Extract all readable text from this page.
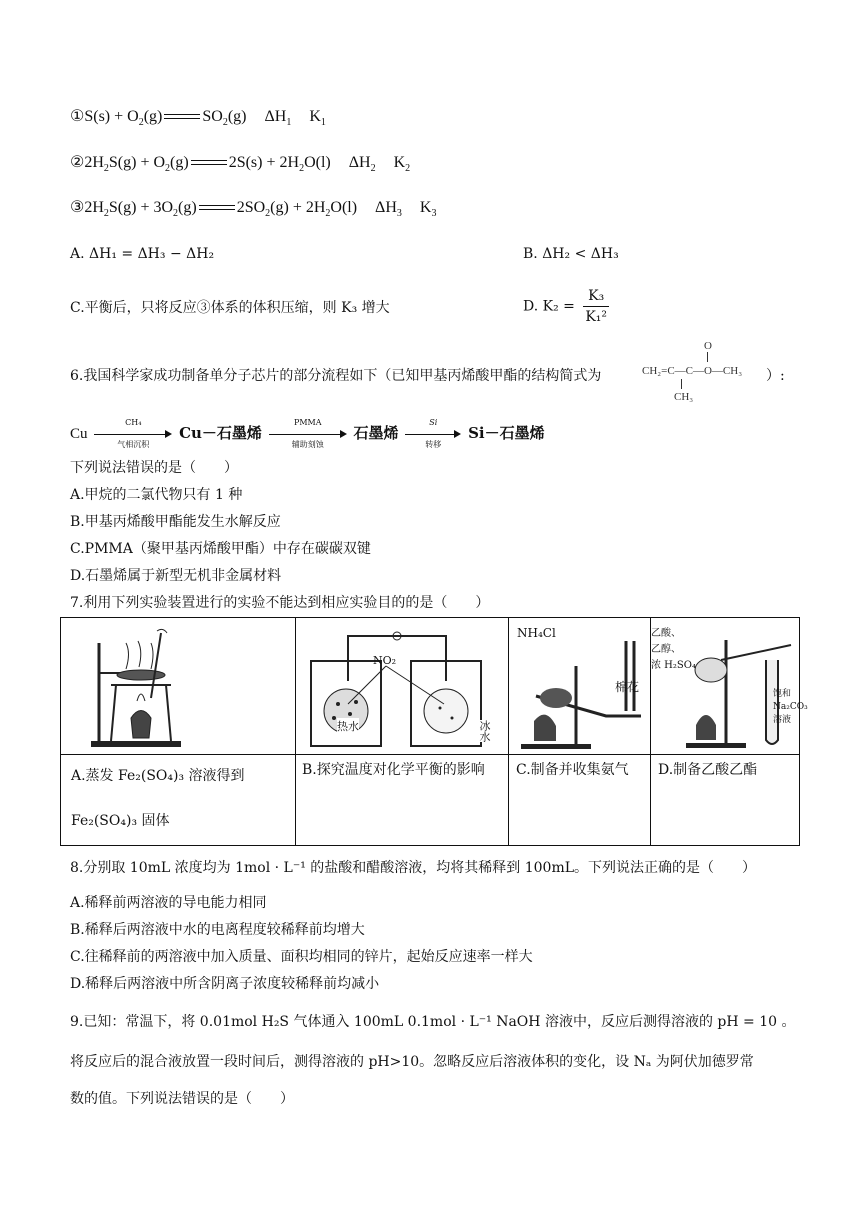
①S(s) + $O_2(g)$	$SO_2(g)$ $\Delta H_1$ $K_1$
$②2H_2S(g) + O_2(g)$	$2S(s) + 2H_2O(l)$ $\Delta H_2$ $K_2$
$③2H_2S(g) + 3O_2(g)$	$2SO_2(g) + 2H_2O(l)$ $\Delta H_3$ $K_3$
A. ΔH₁ = ΔH₃ − ΔH₂	B. ΔH₂ < ΔH₃
C.平衡后，只将反应③体系的体积压缩，则 K₃ 增大	D. $K_2 = \frac{\text{K₃}}{\text{K₁²}}$
6.我国科学家成功制备单分子芯片的部分流程如下（已知甲基丙烯酸甲酯的结构简式为
O
CH₂=C—C—O—CH₃
CH₃
）:
Cu
CH₄
气相沉积
Cu－石墨烯
PMMA
辅助刻蚀
石墨烯
Si
转移
Si－石墨烯
下列说法错误的是（　　）
A.甲烷的二氯代物只有 1 种
B.甲基丙烯酸甲酯能发生水解反应
C.PMMA（聚甲基丙烯酸甲酯）中存在碳碳双键
D.石墨烯属于新型无机非金属材料
7.利用下列实验装置进行的实验不能达到相应实验目的的是（　　）
NO₂
热水	冰水
NH₄Cl
棉花
乙酸、
乙醇、
浓 H₂SO₄
饱和
Na₂CO₃
溶液
A.蒸发 Fe₂(SO₄)₃ 溶液得到
Fe₂(SO₄)₃ 固体
B.探究温度对化学平衡的影响 C.制备并收集氨气 D.制备乙酸乙酯
8.分别取 10mL 浓度均为 1mol · L⁻¹ 的盐酸和醋酸溶液，均将其稀释到 100mL。下列说法正确的是（　　）
A.稀释前两溶液的导电能力相同
B.稀释后两溶液中水的电离程度较稀释前均增大
C.往稀释前的两溶液中加入质量、面积均相同的锌片，起始反应速率一样大
D.稀释后两溶液中所含阴离子浓度较稀释前均减小
9.已知：常温下，将 0.01mol H₂S 气体通入 100mL 0.1mol · L⁻¹ NaOH 溶液中，反应后测得溶液的 pH = 10 。
将反应后的混合液放置一段时间后，测得溶液的 pH>10。忽略反应后溶液体积的变化，设 Nₐ 为阿伏加德罗常
数的值。下列说法错误的是（　　）
